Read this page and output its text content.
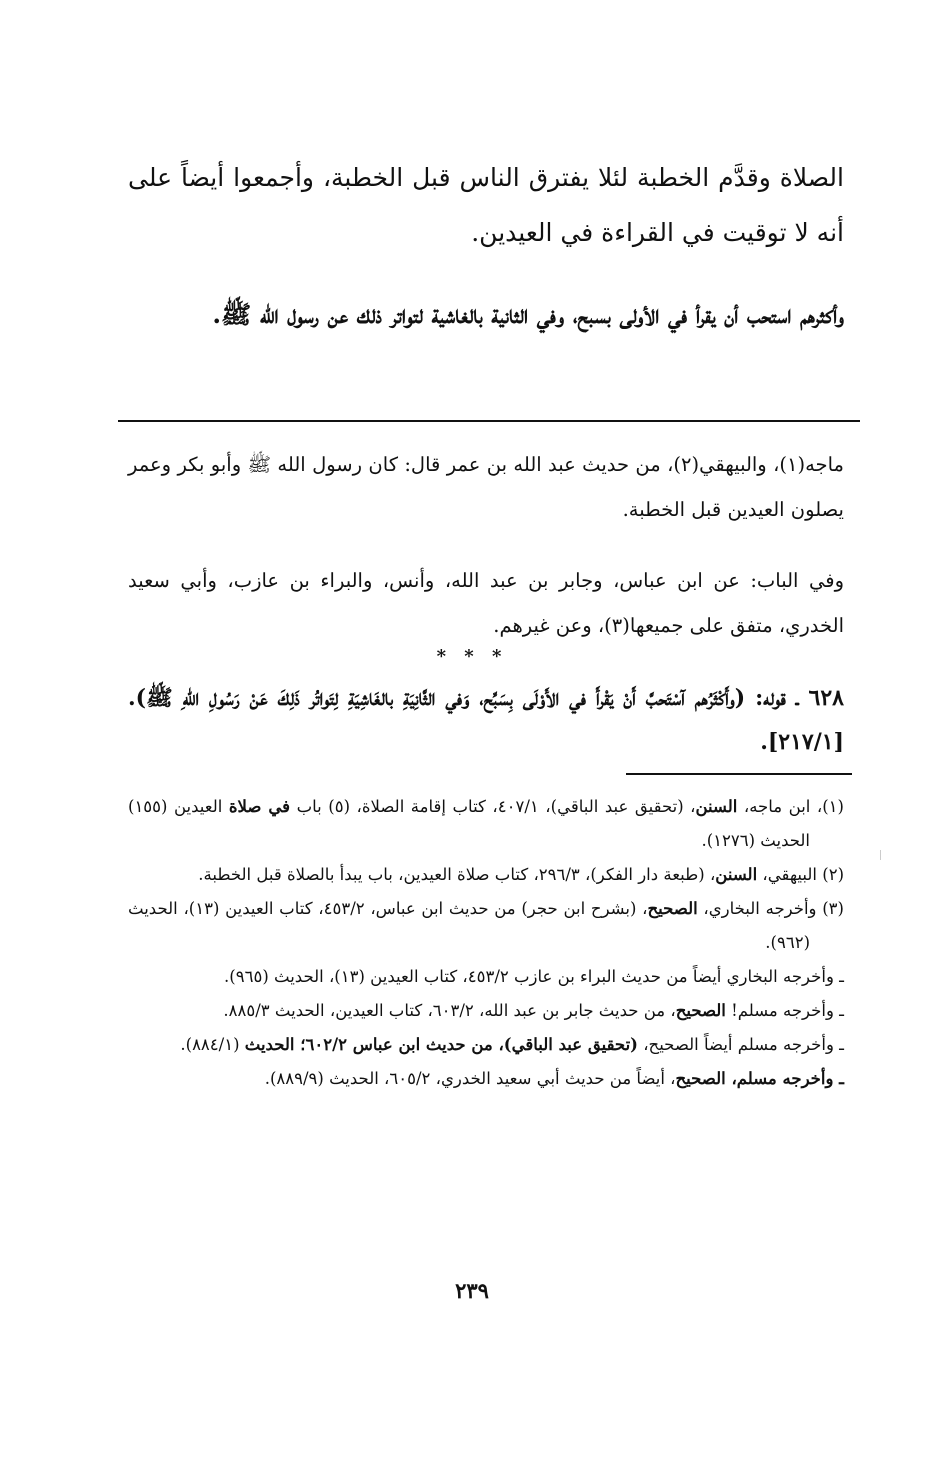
الصلاة وقدَّم الخطبة لئلا يفترق الناس قبل الخطبة، وأجمعوا أيضاً على أنه لا توقيت في القراءة في العيدين.
وأكثرهم استحب أن يقرأ في الأولى بسبح، وفي الثانية بالغاشية لتواتر ذلك عن رسول الله ﷺ.
ماجه(١)، والبيهقي(٢)، من حديث عبد الله بن عمر قال: كان رسول الله ﷺ وأبو بكر وعمر يصلون العيدين قبل الخطبة.
وفي الباب: عن ابن عباس، وجابر بن عبد الله، وأنس، والبراء بن عازب، وأبي سعيد الخدري، متفق على جميعها(٣)، وعن غيرهم.
* * *
٦٢٨ ـ قوله: (وأَكْثَرُهم آسْتَحبَّ أَنْ يَقْرأَ في الأَوْلَى بِسَبِّح، وَفي الثَّانِيَةِ بالغَاشِيَةِ لِتَواتُر ذَلِكَ عَنْ رَسُولِ اللهِ ﷺ). [٢١٧/١].

(١)، ابن ماجه، السنن، (تحقيق عبد الباقي)، ٤٠٧/١، كتاب إقامة الصلاة، (٥) باب في صلاة العيدين (١٥٥) الحديث (١٢٧٦).

(٢) البيهقي، السنن، (طبعة دار الفكر)، ٢٩٦/٣، كتاب صلاة العيدين، باب يبدأ بالصلاة قبل الخطبة.

(٣) وأخرجه البخاري، الصحيح، (بشرح ابن حجر) من حديث ابن عباس، ٤٥٣/٢، كتاب العيدين (١٣)، الحديث (٩٦٢).

ـ وأخرجه البخاري أيضاً من حديث البراء بن عازب ٤٥٣/٢، كتاب العيدين (١٣)، الحديث (٩٦٥).

ـ وأخرجه مسلم! الصحيح، من حديث جابر بن عبد الله، ٦٠٣/٢، كتاب العيدين، الحديث ٨٨٥/٣.

ـ وأخرجه مسلم أيضاً الصحيح، (تحقيق عبد الباقي)، من حديث ابن عباس ٦٠٢/٢؛ الحديث (٨٨٤/١).

ـ وأخرجه مسلم، الصحيح، أيضاً من حديث أبي سعيد الخدري، ٦٠٥/٢، الحديث (٨٨٩/٩).

٢٣٩
